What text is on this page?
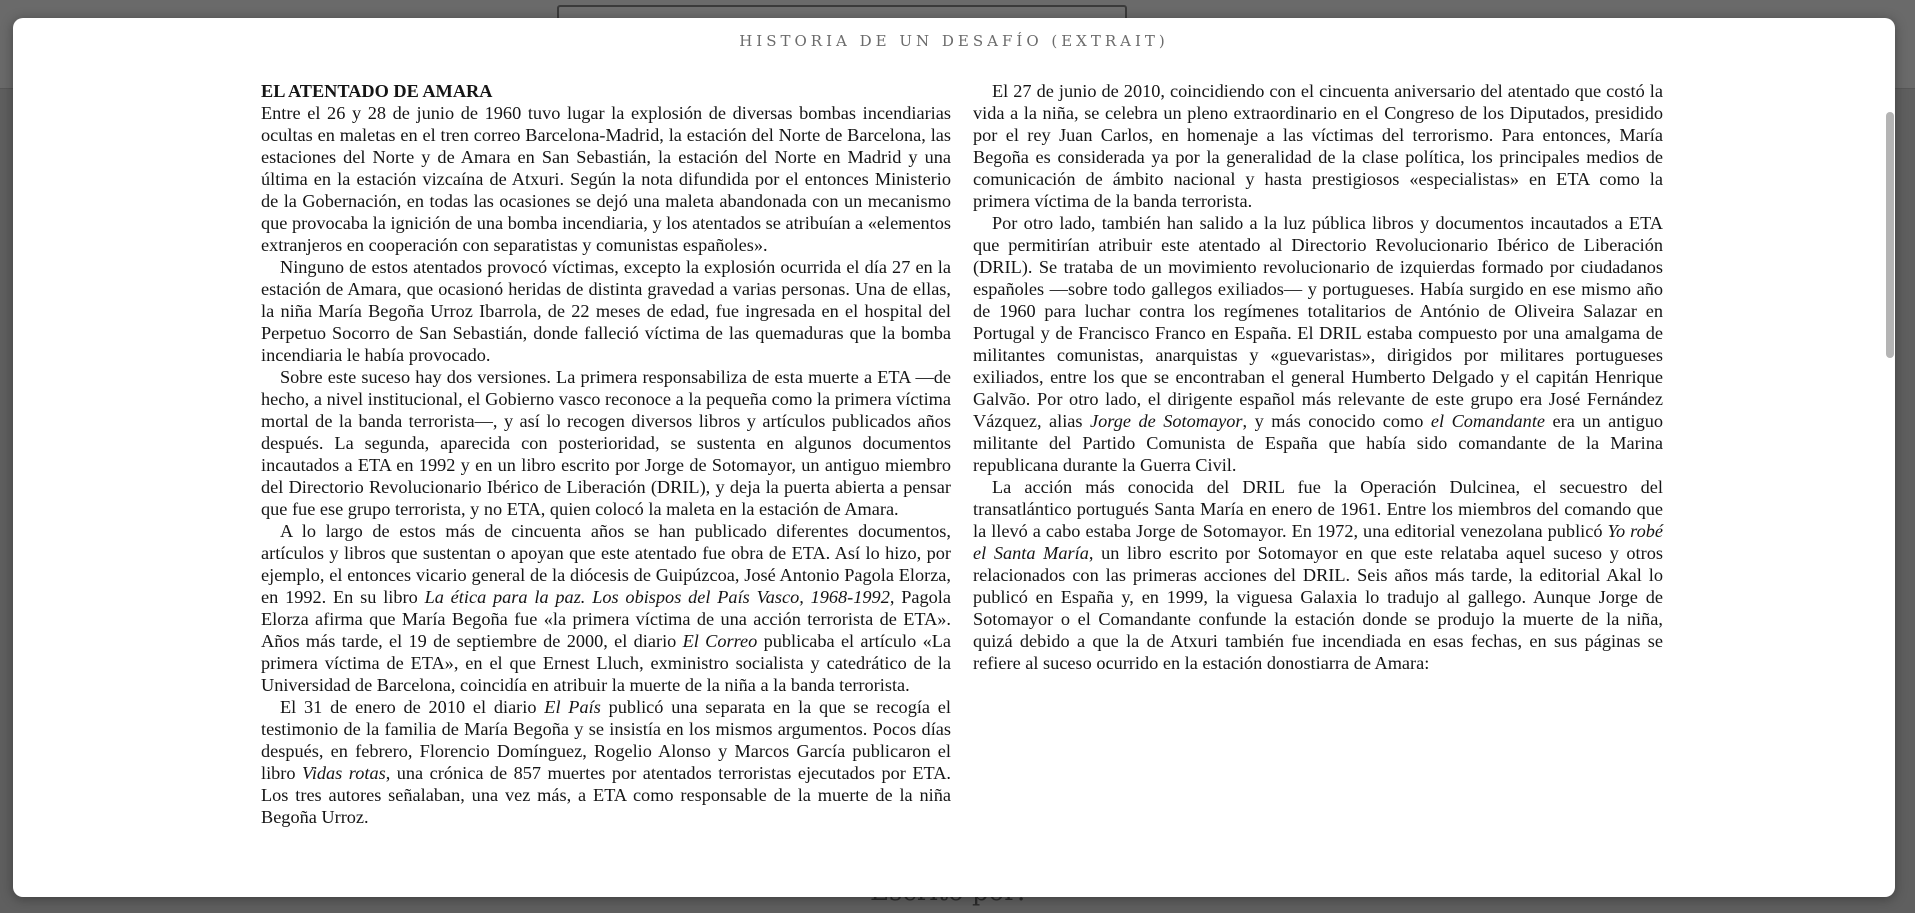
HISTORIA DE UN DESAFÍO (EXTRAIT)
EL ATENTADO DE AMARA

Entre el 26 y 28 de junio de 1960 tuvo lugar la explosión de diversas bombas incendiarias ocultas en maletas en el tren correo Barcelona-Madrid, la estación del Norte de Barcelona, las estaciones del Norte y de Amara en San Sebastián, la estación del Norte en Madrid y una última en la estación vizcaína de Atxuri. Según la nota difundida por el entonces Ministerio de la Gobernación, en todas las ocasiones se dejó una maleta abandonada con un mecanismo que provocaba la ignición de una bomba incendiaria, y los atentados se atribuían a «elementos extranjeros en cooperación con separatistas y comunistas españoles».

Ninguno de estos atentados provocó víctimas, excepto la explosión ocurrida el día 27 en la estación de Amara, que ocasionó heridas de distinta gravedad a varias personas. Una de ellas, la niña María Begoña Urroz Ibarrola, de 22 meses de edad, fue ingresada en el hospital del Perpetuo Socorro de San Sebastián, donde falleció víctima de las quemaduras que la bomba incendiaria le había provocado.

Sobre este suceso hay dos versiones. La primera responsabiliza de esta muerte a ETA —de hecho, a nivel institucional, el Gobierno vasco reconoce a la pequeña como la primera víctima mortal de la banda terrorista—, y así lo recogen diversos libros y artículos publicados años después. La segunda, aparecida con posterioridad, se sustenta en algunos documentos incautados a ETA en 1992 y en un libro escrito por Jorge de Sotomayor, un antiguo miembro del Directorio Revolucionario Ibérico de Liberación (DRIL), y deja la puerta abierta a pensar que fue ese grupo terrorista, y no ETA, quien colocó la maleta en la estación de Amara.

A lo largo de estos más de cincuenta años se han publicado diferentes documentos, artículos y libros que sustentan o apoyan que este atentado fue obra de ETA. Así lo hizo, por ejemplo, el entonces vicario general de la diócesis de Guipúzcoa, José Antonio Pagola Elorza, en 1992. En su libro La ética para la paz. Los obispos del País Vasco, 1968-1992, Pagola Elorza afirma que María Begoña fue «la primera víctima de una acción terrorista de ETA». Años más tarde, el 19 de septiembre de 2000, el diario El Correo publicaba el artículo «La primera víctima de ETA», en el que Ernest Lluch, exministro socialista y catedrático de la Universidad de Barcelona, coincidía en atribuir la muerte de la niña a la banda terrorista.

El 31 de enero de 2010 el diario El País publicó una separata en la que se recogía el testimonio de la familia de María Begoña y se insistía en los mismos argumentos. Pocos días después, en febrero, Florencio Domínguez, Rogelio Alonso y Marcos García publicaron el libro Vidas rotas, una crónica de 857 muertes por atentados terroristas ejecutados por ETA. Los tres autores señalaban, una vez más, a ETA como responsable de la muerte de la niña Begoña Urroz.

El 27 de junio de 2010, coincidiendo con el cincuenta aniversario del atentado que costó la vida a la niña, se celebra un pleno extraordinario en el Congreso de los Diputados, presidido por el rey Juan Carlos, en homenaje a las víctimas del terrorismo. Para entonces, María Begoña es considerada ya por la generalidad de la clase política, los principales medios de comunicación de ámbito nacional y hasta prestigiosos «especialistas» en ETA como la primera víctima de la banda terrorista.

Por otro lado, también han salido a la luz pública libros y documentos incautados a ETA que permitirían atribuir este atentado al Directorio Revolucionario Ibérico de Liberación (DRIL). Se trataba de un movimiento revolucionario de izquierdas formado por ciudadanos españoles —sobre todo gallegos exiliados— y portugueses. Había surgido en ese mismo año de 1960 para luchar contra los regímenes totalitarios de António de Oliveira Salazar en Portugal y de Francisco Franco en España. El DRIL estaba compuesto por una amalgama de militantes comunistas, anarquistas y «guevaristas», dirigidos por militares portugueses exiliados, entre los que se encontraban el general Humberto Delgado y el capitán Henrique Galvão. Por otro lado, el dirigente español más relevante de este grupo era José Fernández Vázquez, alias Jorge de Sotomayor, y más conocido como el Comandante era un antiguo militante del Partido Comunista de España que había sido comandante de la Marina republicana durante la Guerra Civil.

La acción más conocida del DRIL fue la Operación Dulcinea, el secuestro del transatlántico portugués Santa María en enero de 1961. Entre los miembros del comando que la llevó a cabo estaba Jorge de Sotomayor. En 1972, una editorial venezolana publicó Yo robé el Santa María, un libro escrito por Sotomayor en que este relataba aquel suceso y otros relacionados con las primeras acciones del DRIL. Seis años más tarde, la editorial Akal lo publicó en España y, en 1999, la viguesa Galaxia lo tradujo al gallego. Aunque Jorge de Sotomayor o el Comandante confunde la estación donde se produjo la muerte de la niña, quizá debido a que la de Atxuri también fue incendiada en esas fechas, en sus páginas se refiere al suceso ocurrido en la estación donostiarra de Amara:
